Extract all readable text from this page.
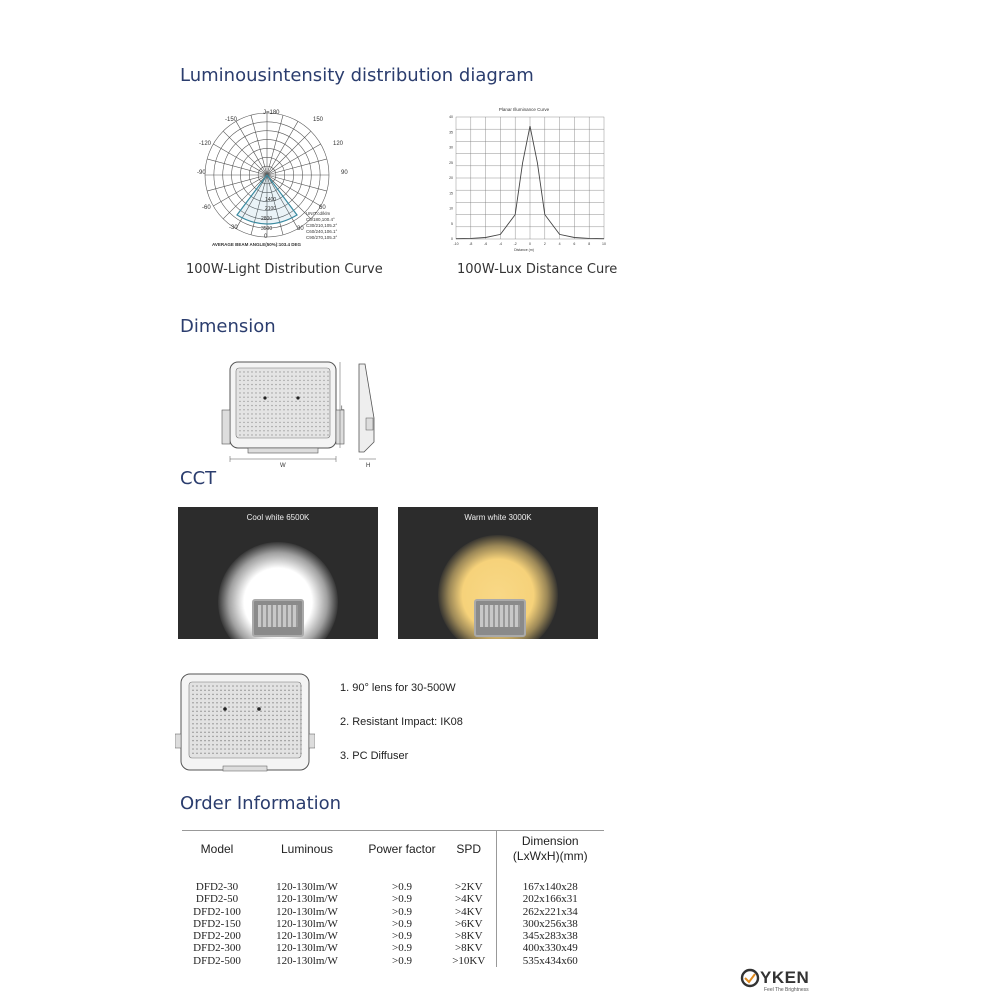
Luminousintensity distribution diagram
J=180
-150	150
-120	120
-90	90
-60	60
-30	30
0
1400
2100
2800
3500
UNIT:cd/klm
C0/180,100.4°
C30/210,105.2°
C60/240,106.1°
C90/270,105.3°
AVERAGE BEAM ANGLE(50%):103.4 DEG
100W-Light Distribution Curve
Planar Illuminance Curve
-10	-8	-6	-4	-2	0	2	4	6	8	10
0
5
10
15
20
25
30
35
40
Distance (m)
100W-Lux Distance Cure
Dimension
W
L
H
CCT
Cool white 6500K	Warm white 3000K
1. 90° lens for 30-500W
2. Resistant Impact: IK08
3. PC Diffuser
Order Information
Model	Luminous	Power factor	SPD	Dimension
(LxWxH)(mm)
DFD2-30	120-130lm/W	>0.9	>2KV	167x140x28
DFD2-50	120-130lm/W	>0.9	>4KV	202x166x31
DFD2-100	120-130lm/W	>0.9	>4KV	262x221x34
DFD2-150	120-130lm/W	>0.9	>6KV	300x256x38
DFD2-200	120-130lm/W	>0.9	>8KV	345x283x38
DFD2-300	120-130lm/W	>0.9	>8KV	400x330x49
DFD2-500	120-130lm/W	>0.9	>10KV	535x434x60
YKEN
Feel The Brightness
